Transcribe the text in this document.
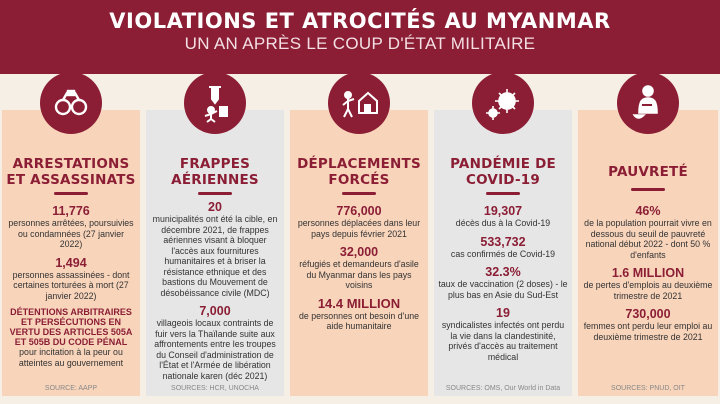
VIOLATIONS ET ATROCITÉS AU MYANMAR
UN AN APRÈS LE COUP D'ÉTAT MILITAIRE
ARRESTATIONS
ET ASSASSINATS
11,776
personnes arrêtées, poursuivies ou condamnées (27 janvier 2022)
1,494
personnes assassinées - dont certaines torturées à mort (27 janvier 2022)
DÉTENTIONS ARBITRAIRES ET PERSÉCUTIONS EN VERTU DES ARTICLES 505A ET 505B DU CODE PÉNAL
pour incitation à la peur ou atteintes au gouvernement
SOURCE: AAPP
FRAPPES
AÉRIENNES
20
municipalités ont été la cible, en décembre 2021, de frappes aériennes visant à bloquer l'accès aux fournitures humanitaires et à briser la résistance ethnique et des bastions du Mouvement de désobéissance civile (MDC)
7,000
villageois locaux contraints de fuir vers la Thaïlande suite aux affrontements entre les troupes du Conseil d'administration de l'État et l'Armée de libération nationale karen (déc 2021)
SOURCES: HCR, UNOCHA
DÉPLACEMENTS
FORCÉS
776,000
personnes déplacées dans leur pays depuis février 2021
32,000
réfugiés et demandeurs d'asile du Myanmar dans les pays voisins
14.4 MILLION
de personnes ont besoin d'une aide humanitaire
PANDÉMIE DE
COVID-19
19,307
décès dus à la Covid-19
533,732
cas confirmés de Covid-19
32.3%
taux de vaccination (2 doses) - le plus bas en Asie du Sud-Est
19
syndicalistes infectés ont perdu la vie dans la clandestinité, privés d'accès au traitement médical
SOURCES: OMS, Our World in Data
PAUVRETÉ
46%
de la population pourrait vivre en dessous du seuil de pauvreté national début 2022 - dont 50 % d'enfants
1.6 MILLION
de pertes d'emplois au deuxième trimestre de 2021
730,000
femmes ont perdu leur emploi au deuxième trimestre de 2021
SOURCES: PNUD, OIT
